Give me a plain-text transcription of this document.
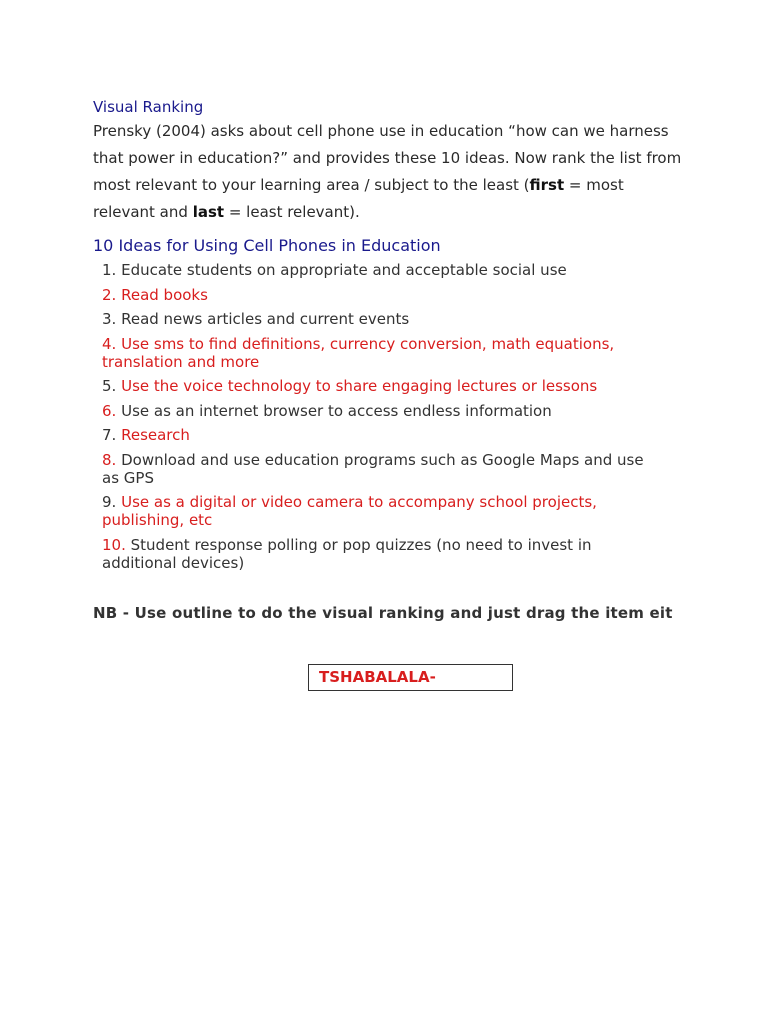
Visual Ranking
Prensky (2004) asks about cell phone use in education “how can we harness that power in education?” and provides these 10 ideas. Now rank the list from most relevant to your learning area / subject to the least (first = most relevant and last = least relevant).
10 Ideas for Using Cell Phones in Education
1. Educate students on appropriate and acceptable social use
2. Read books
3. Read news articles and current events
4. Use sms to find definitions, currency conversion, math equations, translation and more
5. Use the voice technology to share engaging lectures or lessons
6. Use as an internet browser to access endless information
7. Research
8. Download and use education programs such as Google Maps and use as GPS
9. Use as a digital or video camera to accompany school projects, publishing, etc
10. Student response polling or pop quizzes (no need to invest in additional devices)
NB - Use outline to do the visual ranking and just drag the item eit
TSHABALALA-
